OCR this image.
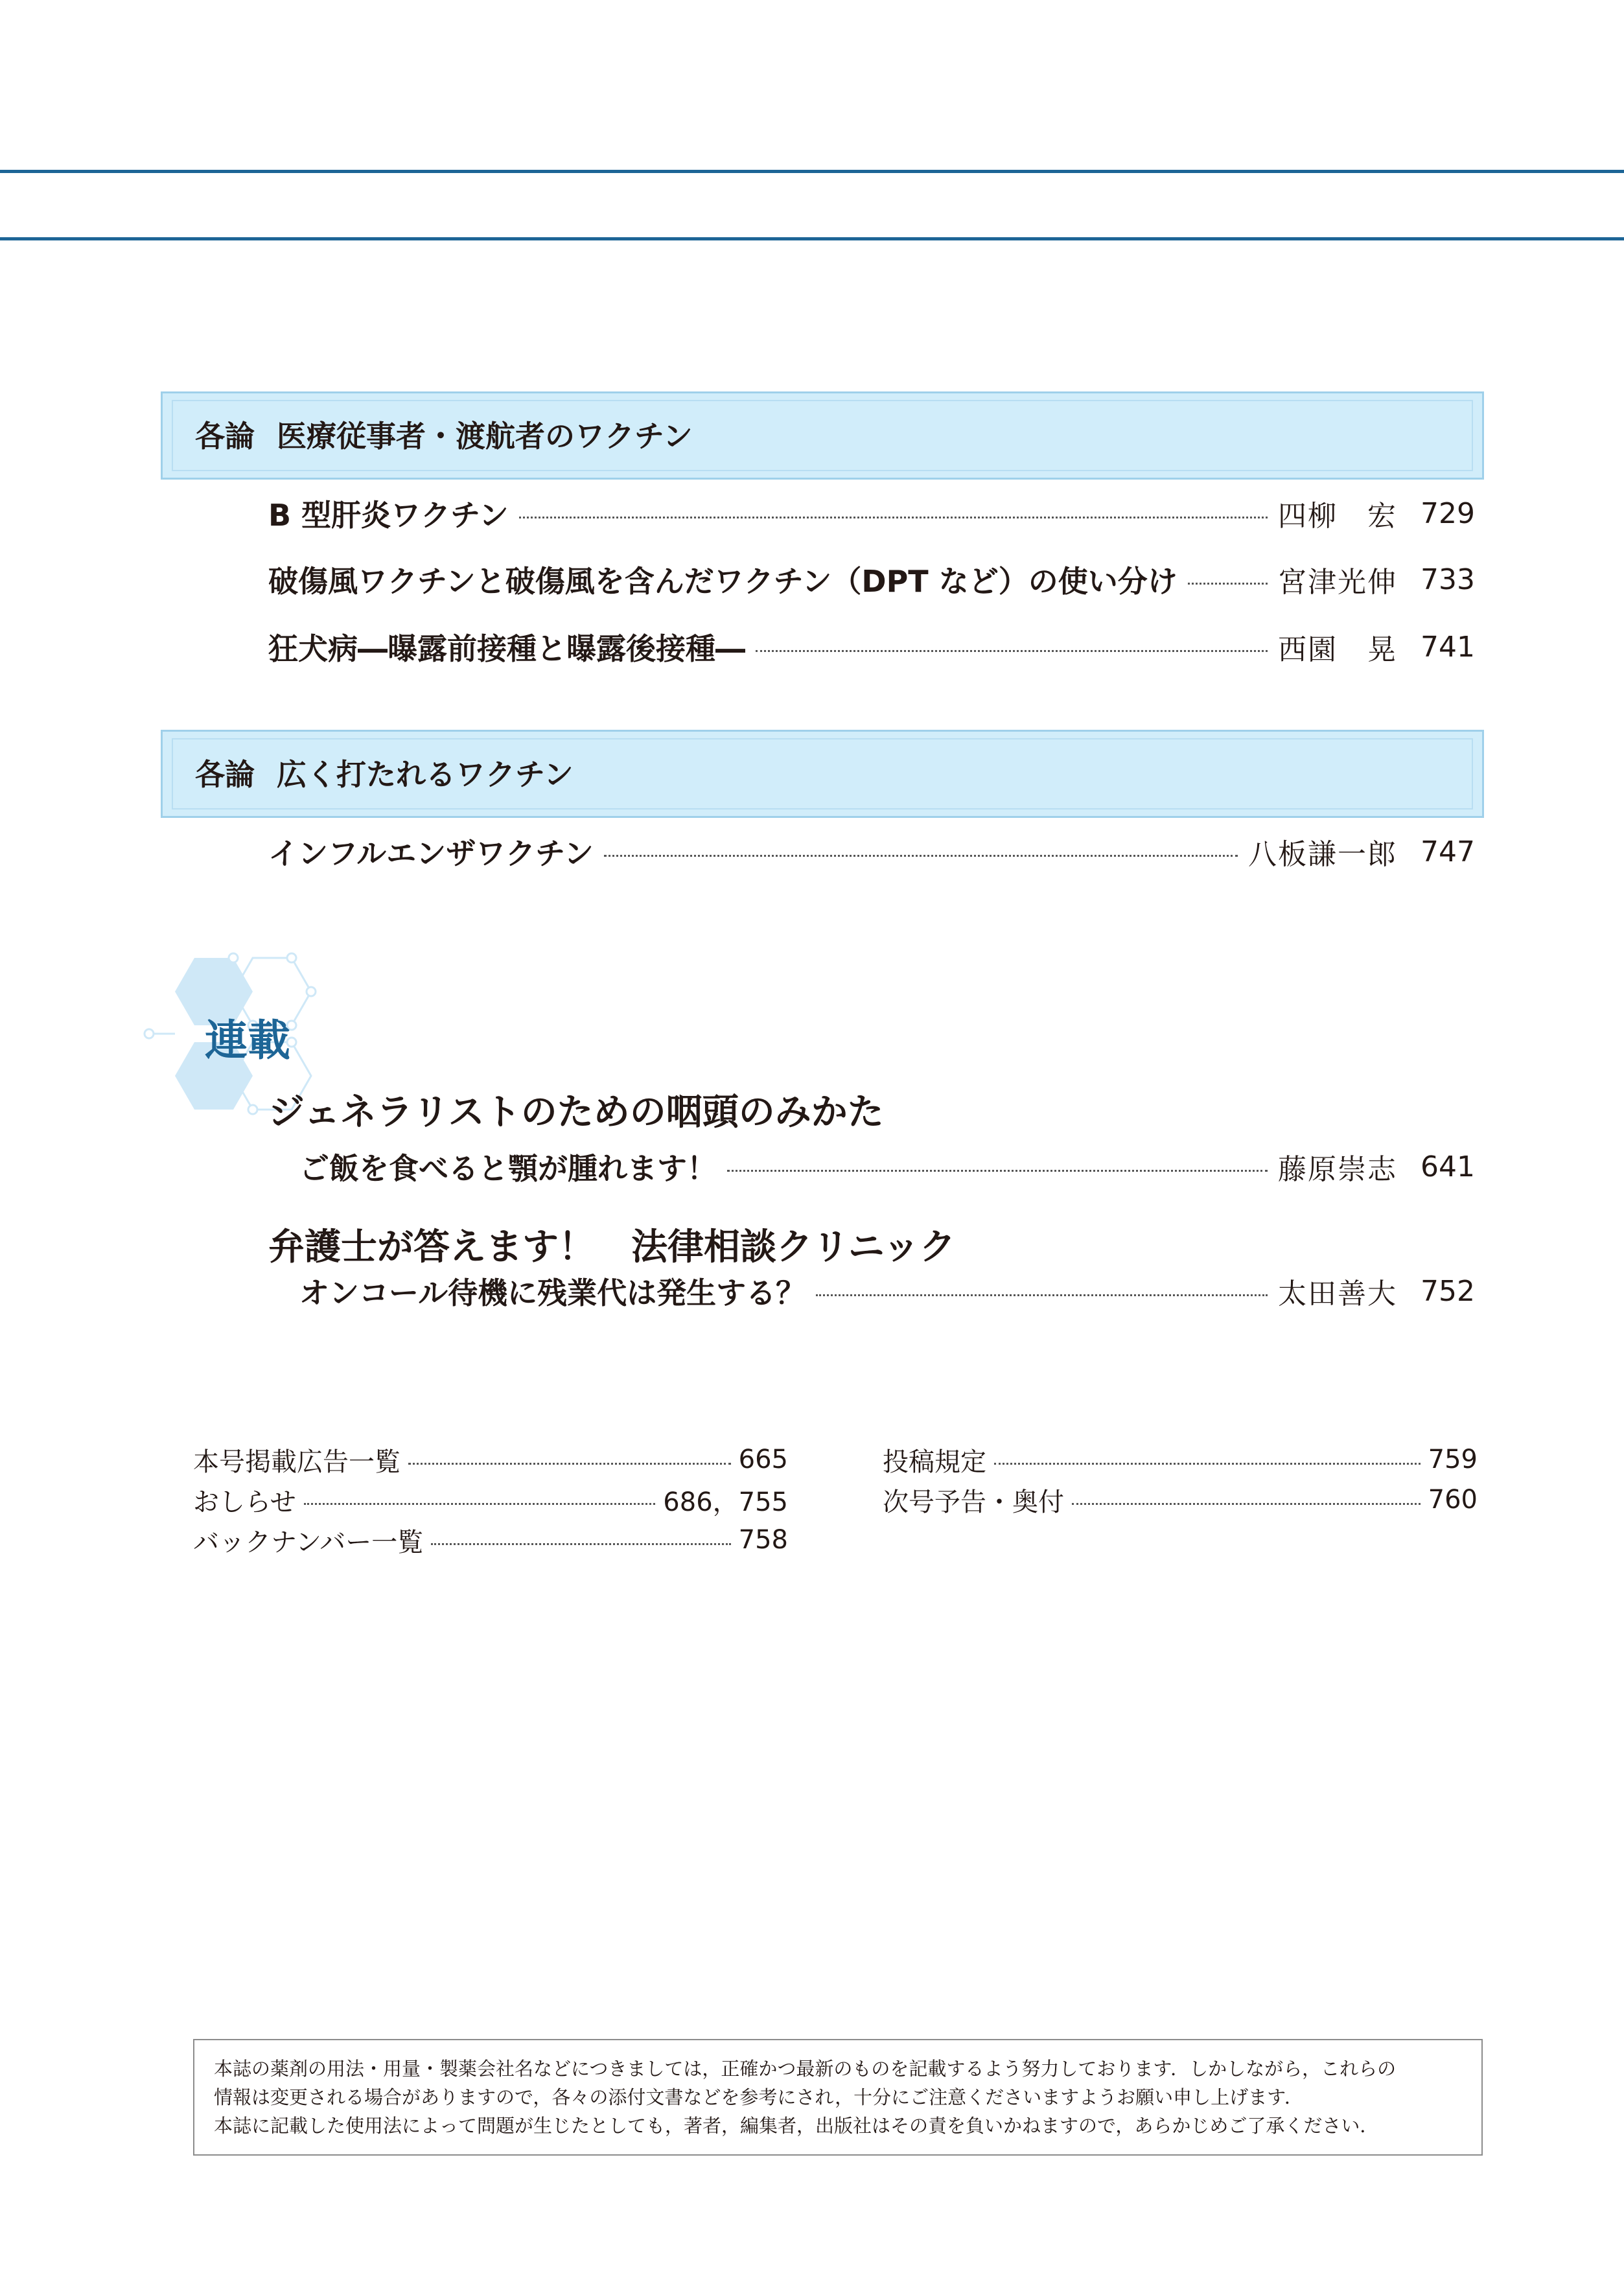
各論 医療従事者・渡航者のワクチン
B 型肝炎ワクチン	四柳　宏 729
破傷風ワクチンと破傷風を含んだワクチン（DPT など）の使い分け	宮津光伸 733
狂犬病―曝露前接種と曝露後接種―	西園　晃 741
各論 広く打たれるワクチン
インフルエンザワクチン	八板謙一郎 747
連載
ジェネラリストのための咽頭のみかた
ご飯を食べると顎が腫れます！	藤原崇志 641
弁護士が答えます！　法律相談クリニック
オンコール待機に残業代は発生する？	太田善大 752
本号掲載広告一覧	665
おしらせ	686，755
バックナンバー一覧	758
投稿規定	759
次号予告・奥付	760

本誌の薬剤の用法・用量・製薬会社名などにつきましては，正確かつ最新のものを記載するよう努力しております．しかしながら，これらの

情報は変更される場合がありますので，各々の添付文書などを参考にされ，十分にご注意くださいますようお願い申し上げます．

本誌に記載した使用法によって問題が生じたとしても，著者，編集者，出版社はその責を負いかねますので，あらかじめご了承ください．
